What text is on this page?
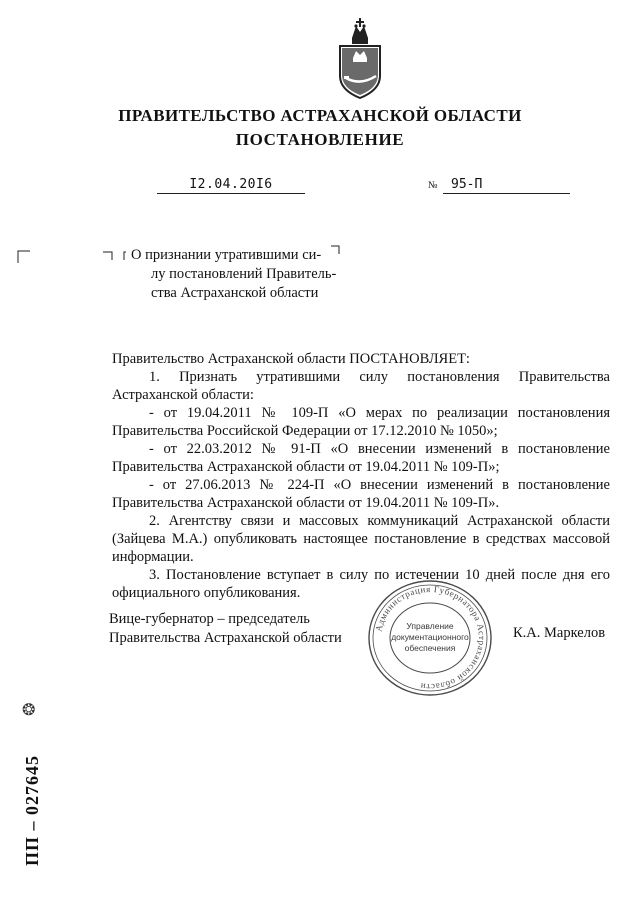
ПРАВИТЕЛЬСТВО АСТРАХАНСКОЙ ОБЛАСТИ
ПОСТАНОВЛЕНИЕ
I2.04.20I6	№	95-П
О признании утратившими си-
лу постановлений Правитель-
ства Астраханской области

Правительство Астраханской области ПОСТАНОВЛЯЕТ:

1. Признать утратившими силу постановления Правительства Астраханской области:

- от 19.04.2011 № 109-П «О мерах по реализации постановления Правительства Российской Федерации от 17.12.2010 № 1050»;

- от 22.03.2012 № 91-П «О внесении изменений в постановление Правительства Астраханской области от 19.04.2011 № 109-П»;

- от 27.06.2013 № 224-П «О внесении изменений в постановление Правительства Астраханской области от 19.04.2011 № 109-П».

2. Агентству связи и массовых коммуникаций Астраханской области (Зайцева М.А.) опубликовать настоящее постановление в средствах массовой информации.

3. Постановление вступает в силу по истечении 10 дней после дня его официального опубликования.

Вице-губернатор – председатель
Правительства Астраханской области	К.А. Маркелов
Администрация Губернатора Астраханской области
Управление
документационного
обеспечения
❂
ПП – 027645
